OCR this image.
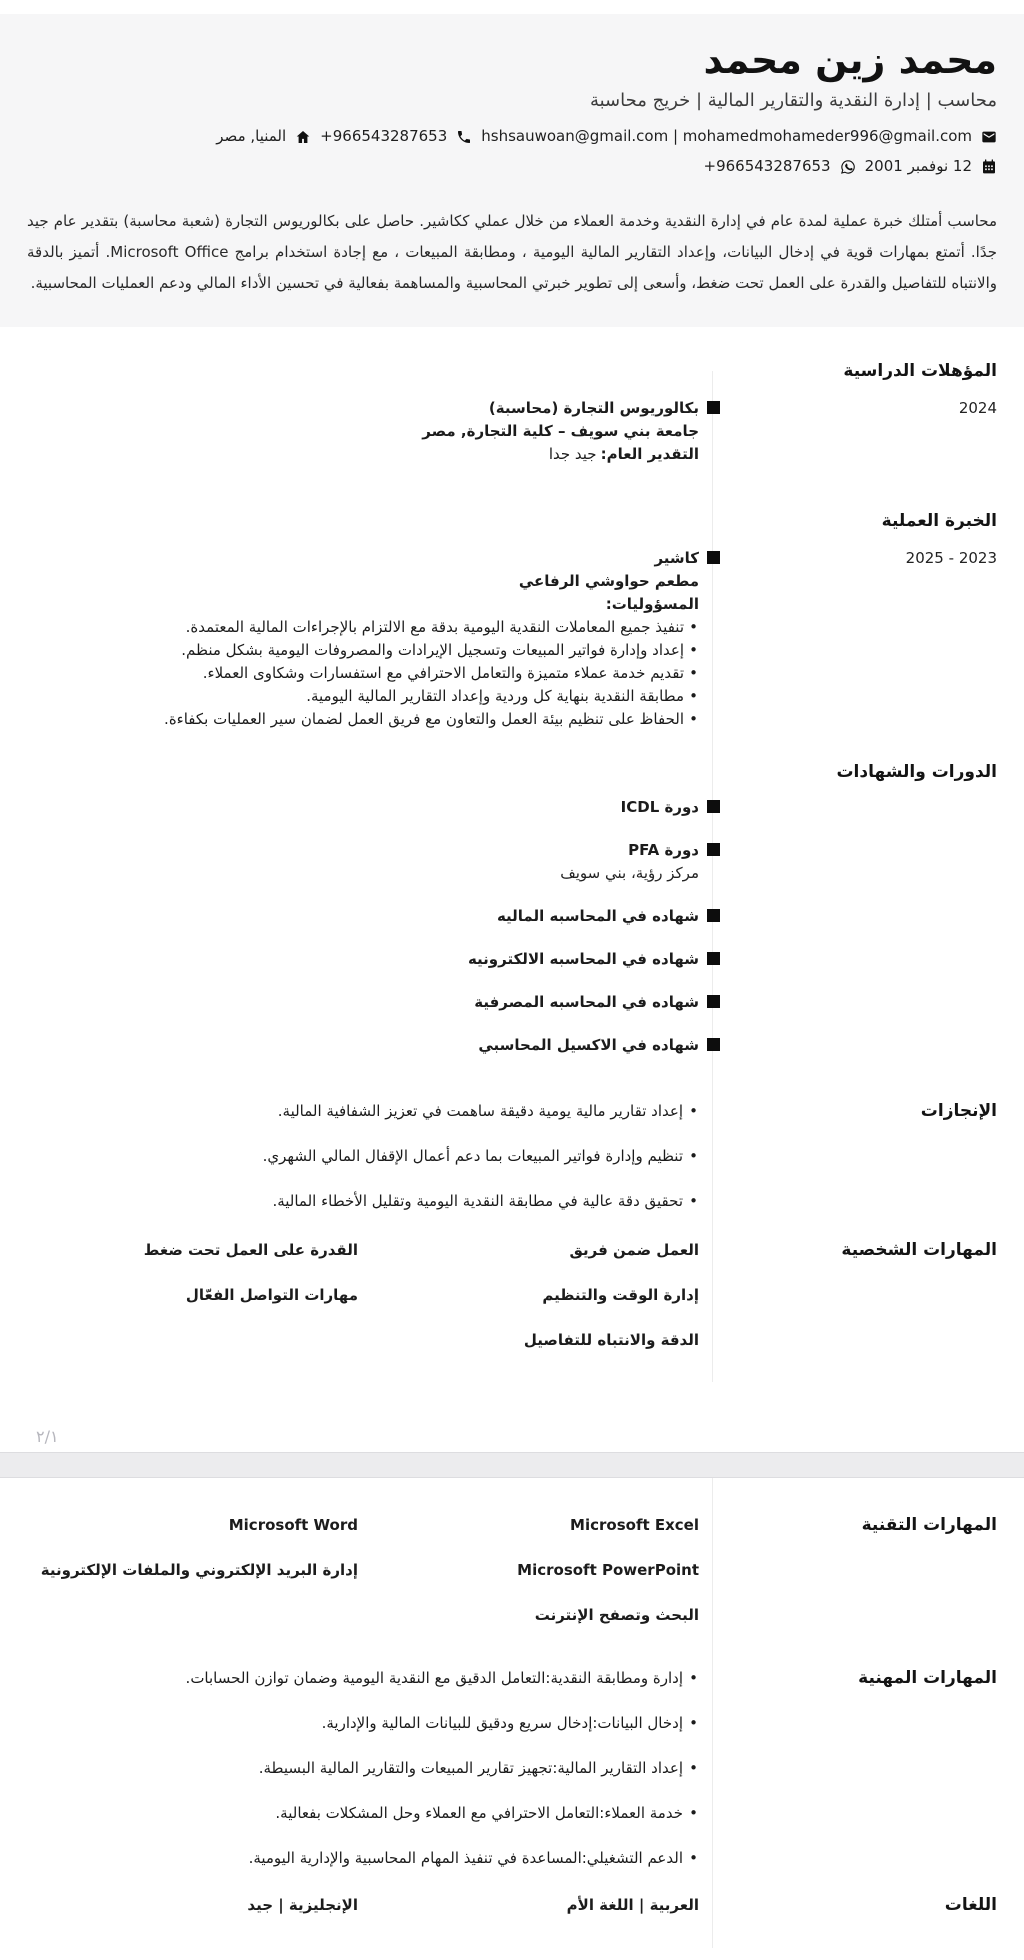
محمد زين محمد
محاسب | إدارة النقدية والتقارير المالية | خريج محاسبة
hshsauwoan@gmail.com | mohamedmohameder996@gmail.com
+966543287653
المنيا, مصر
12 نوفمبر 2001
+966543287653

محاسب أمتلك خبرة عملية لمدة عام في إدارة النقدية وخدمة العملاء من خلال عملي ككاشير. حاصل على بكالوريوس التجارة (شعبة محاسبة) بتقدير عام جيد جدًا. أتمتع بمهارات قوية في إدخال البيانات، وإعداد التقارير المالية اليومية ، ومطابقة المبيعات ، مع إجادة استخدام برامج Microsoft Office. أتميز بالدقة والانتباه للتفاصيل والقدرة على العمل تحت ضغط، وأسعى إلى تطوير خبرتي المحاسبية والمساهمة بفعالية في تحسين الأداء المالي ودعم العمليات المحاسبية.

المؤهلات الدراسية
2024
بكالوريوس التجارة (محاسبة)
جامعة بني سويف – كلية التجارة, مصر
التقدير العام:جيد جدا
الخبرة العملية
2023 - 2025
كاشير
مطعم حواوشي الرفاعي
المسؤوليات:
• تنفيذ جميع المعاملات النقدية اليومية بدقة مع الالتزام بالإجراءات المالية المعتمدة.
• إعداد وإدارة فواتير المبيعات وتسجيل الإيرادات والمصروفات اليومية بشكل منظم.
• تقديم خدمة عملاء متميزة والتعامل الاحترافي مع استفسارات وشكاوى العملاء.
• مطابقة النقدية بنهاية كل وردية وإعداد التقارير المالية اليومية.
• الحفاظ على تنظيم بيئة العمل والتعاون مع فريق العمل لضمان سير العمليات بكفاءة.
الدورات والشهادات
دورة ICDL
دورة PFA
مركز رؤية، بني سويف
شهاده في المحاسبه الماليه
شهاده في المحاسبه الالكترونيه
شهاده في المحاسبه المصرفية
شهاده في الاكسيل المحاسبي
الإنجازات
• إعداد تقارير مالية يومية دقيقة ساهمت في تعزيز الشفافية المالية.
• تنظيم وإدارة فواتير المبيعات بما دعم أعمال الإقفال المالي الشهري.
• تحقيق دقة عالية في مطابقة النقدية اليومية وتقليل الأخطاء المالية.
المهارات الشخصية
العمل ضمن فريق
القدرة على العمل تحت ضغط
إدارة الوقت والتنظيم
مهارات التواصل الفعّال
الدقة والانتباه للتفاصيل
٢/١
المهارات التقنية
Microsoft Excel
Microsoft Word
Microsoft PowerPoint
إدارة البريد الإلكتروني والملفات الإلكترونية
البحث وتصفح الإنترنت
المهارات المهنية
• إدارة ومطابقة النقدية:التعامل الدقيق مع النقدية اليومية وضمان توازن الحسابات.
• إدخال البيانات:إدخال سريع ودقيق للبيانات المالية والإدارية.
• إعداد التقارير المالية:تجهيز تقارير المبيعات والتقارير المالية البسيطة.
• خدمة العملاء:التعامل الاحترافي مع العملاء وحل المشكلات بفعالية.
• الدعم التشغيلي:المساعدة في تنفيذ المهام المحاسبية والإدارية اليومية.
اللغات
العربية | اللغة الأم
الإنجليزية | جيد
